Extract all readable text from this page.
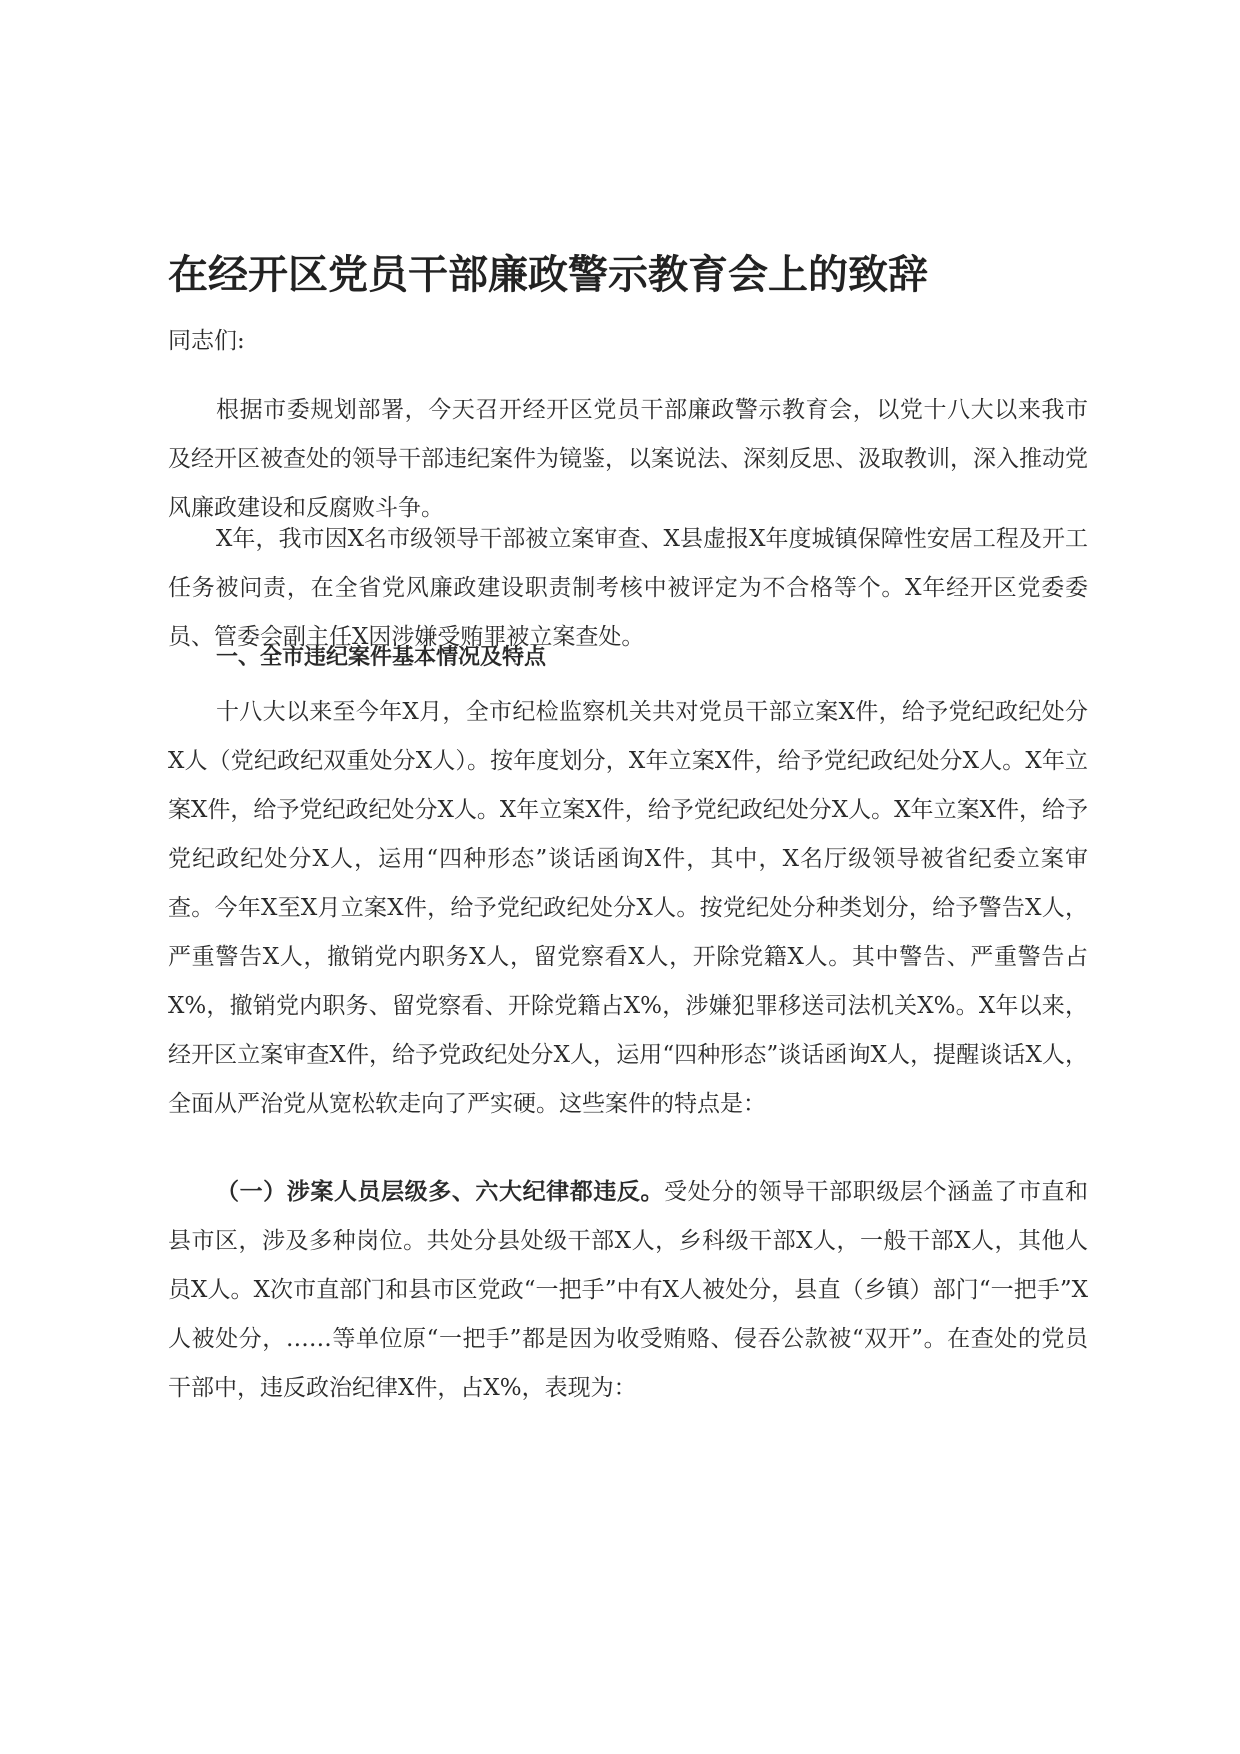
在经开区党员干部廉政警示教育会上的致辞

同志们:

根据市委规划部署，今天召开经开区党员干部廉政警示教育会，以党十八大以来我市及经开区被查处的领导干部违纪案件为镜鉴，以案说法、深刻反思、汲取教训，深入推动党风廉政建设和反腐败斗争。

X年，我市因X名市级领导干部被立案审查、X县虚报X年度城镇保障性安居工程及开工任务被问责，在全省党风廉政建设职责制考核中被评定为不合格等个。X年经开区党委委员、管委会副主任X因涉嫌受贿罪被立案查处。

一、全市违纪案件基本情况及特点

十八大以来至今年X月，全市纪检监察机关共对党员干部立案X件，给予党纪政纪处分X人（党纪政纪双重处分X人）。按年度划分，X年立案X件，给予党纪政纪处分X人。X年立案X件，给予党纪政纪处分X人。X年立案X件，给予党纪政纪处分X人。X年立案X件，给予党纪政纪处分X人，运用“四种形态”谈话函询X件，其中，X名厅级领导被省纪委立案审查。今年X至X月立案X件，给予党纪政纪处分X人。按党纪处分种类划分，给予警告X人，严重警告X人，撤销党内职务X人，留党察看X人，开除党籍X人。其中警告、严重警告占X%，撤销党内职务、留党察看、开除党籍占X%，涉嫌犯罪移送司法机关X%。X年以来，经开区立案审查X件，给予党政纪处分X人，运用“四种形态”谈话函询X人，提醒谈话X人，全面从严治党从宽松软走向了严实硬。这些案件的特点是：

（一）涉案人员层级多、六大纪律都违反。受处分的领导干部职级层个涵盖了市直和县市区，涉及多种岗位。共处分县处级干部X人，乡科级干部X人，一般干部X人，其他人员X人。X次市直部门和县市区党政“一把手”中有X人被处分，县直（乡镇）部门“一把手”X人被处分，……等单位原“一把手”都是因为收受贿赂、侵吞公款被“双开”。在查处的党员干部中，违反政治纪律X件，占X%，表现为：
